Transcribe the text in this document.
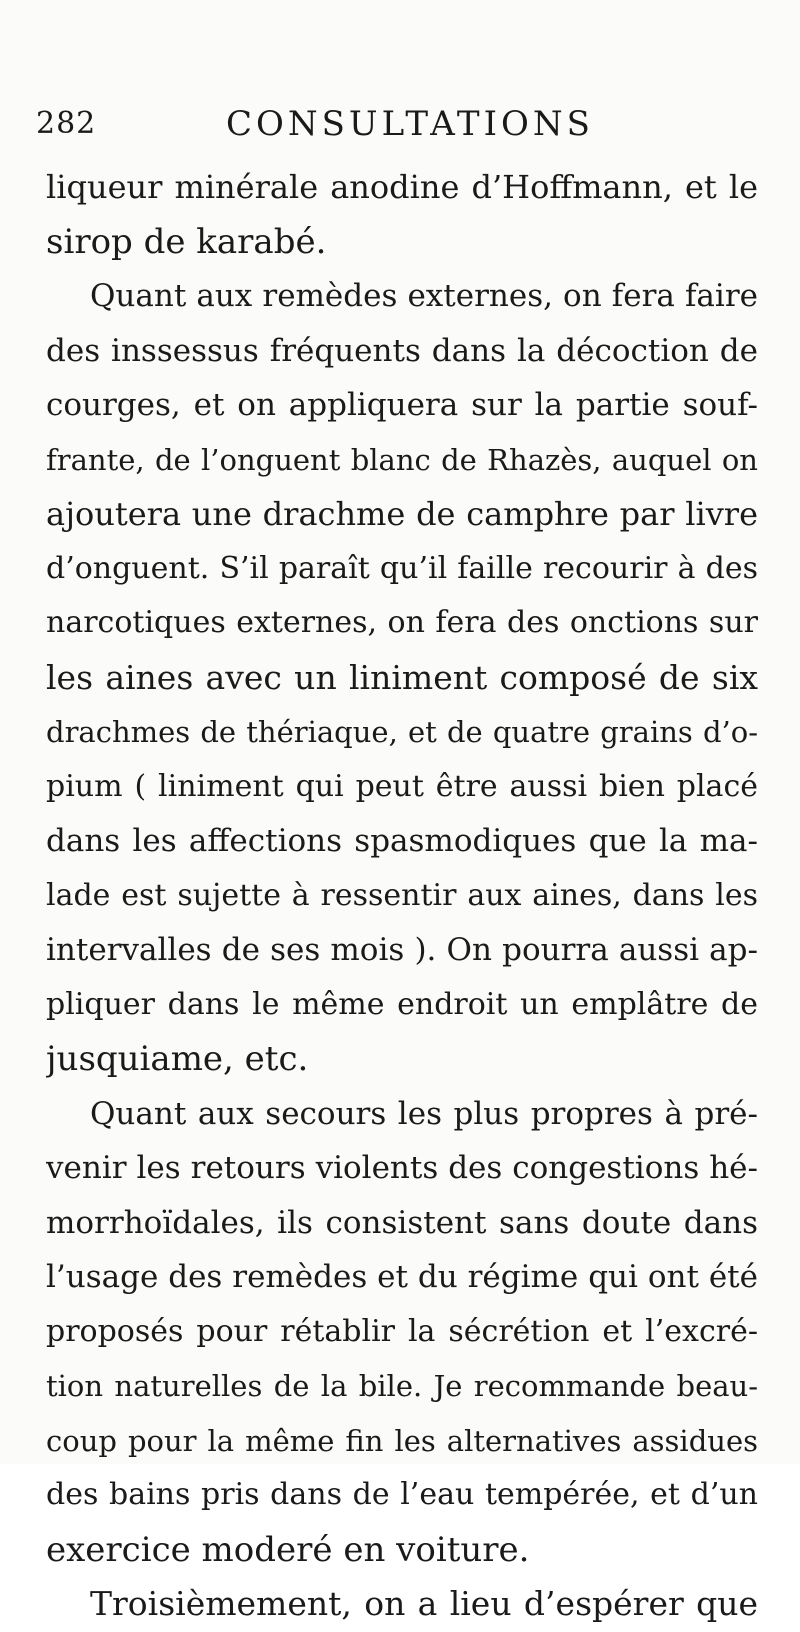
282	CONSULTATIONS
liqueur minérale anodine d’Hoffmann, et le
sirop de karabé.
Quant aux remèdes externes, on fera faire
des inssessus fréquents dans la décoction de
courges, et on appliquera sur la partie souf-
frante, de l’onguent blanc de Rhazès, auquel on
ajoutera une drachme de camphre par livre
d’onguent. S’il paraît qu’il faille recourir à des
narcotiques externes, on fera des onctions sur
les aines avec un liniment composé de six
drachmes de thériaque, et de quatre grains d’o-
pium ( liniment qui peut être aussi bien placé
dans les affections spasmodiques que la ma-
lade est sujette à ressentir aux aines, dans les
intervalles de ses mois ). On pourra aussi ap-
pliquer dans le même endroit un emplâtre de
jusquiame, etc.
Quant aux secours les plus propres à pré-
venir les retours violents des congestions hé-
morrhoïdales, ils consistent sans doute dans
l’usage des remèdes et du régime qui ont été
proposés pour rétablir la sécrétion et l’excré-
tion naturelles de la bile. Je recommande beau-
coup pour la même fin les alternatives assidues
des bains pris dans de l’eau tempérée, et d’un
exercice moderé en voiture.
Troisièmement, on a lieu d’espérer que
